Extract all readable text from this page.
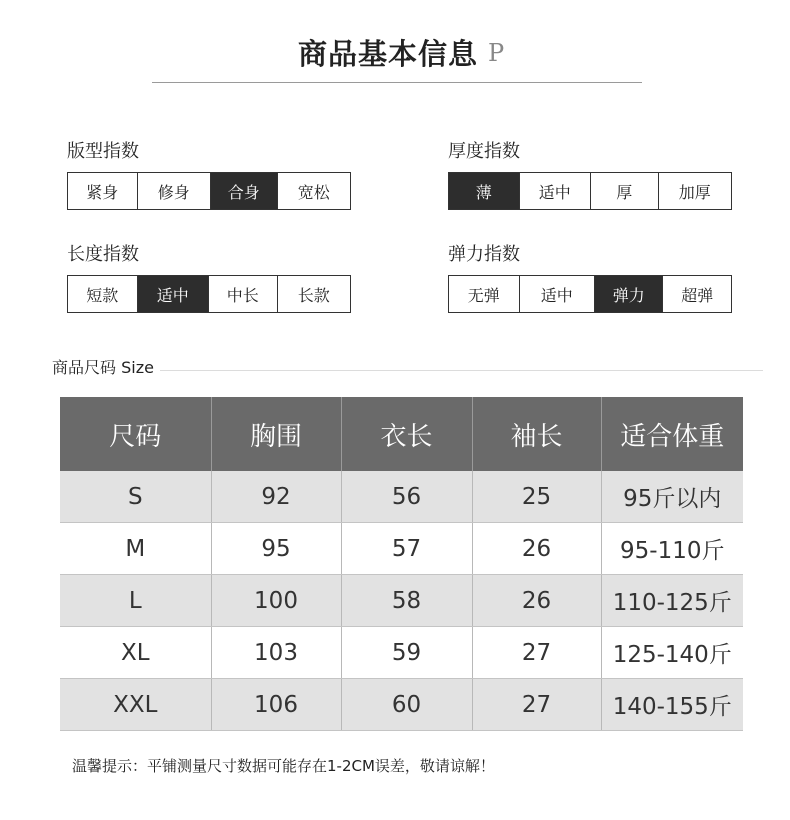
商品基本信息 P
版型指数
紧身	修身	合身	宽松
厚度指数
薄	适中	厚	加厚
长度指数
短款	适中	中长	长款
弹力指数
无弹	适中	弹力	超弹
商品尺码 Size
尺码	胸围	衣长	袖长	适合体重
S	92	56	25	95斤以内
M	95	57	26	95-110斤
L	100	58	26	110-125斤
XL	103	59	27	125-140斤
XXL	106	60	27	140-155斤
温馨提示：平铺测量尺寸数据可能存在1-2CM误差，敬请谅解！
